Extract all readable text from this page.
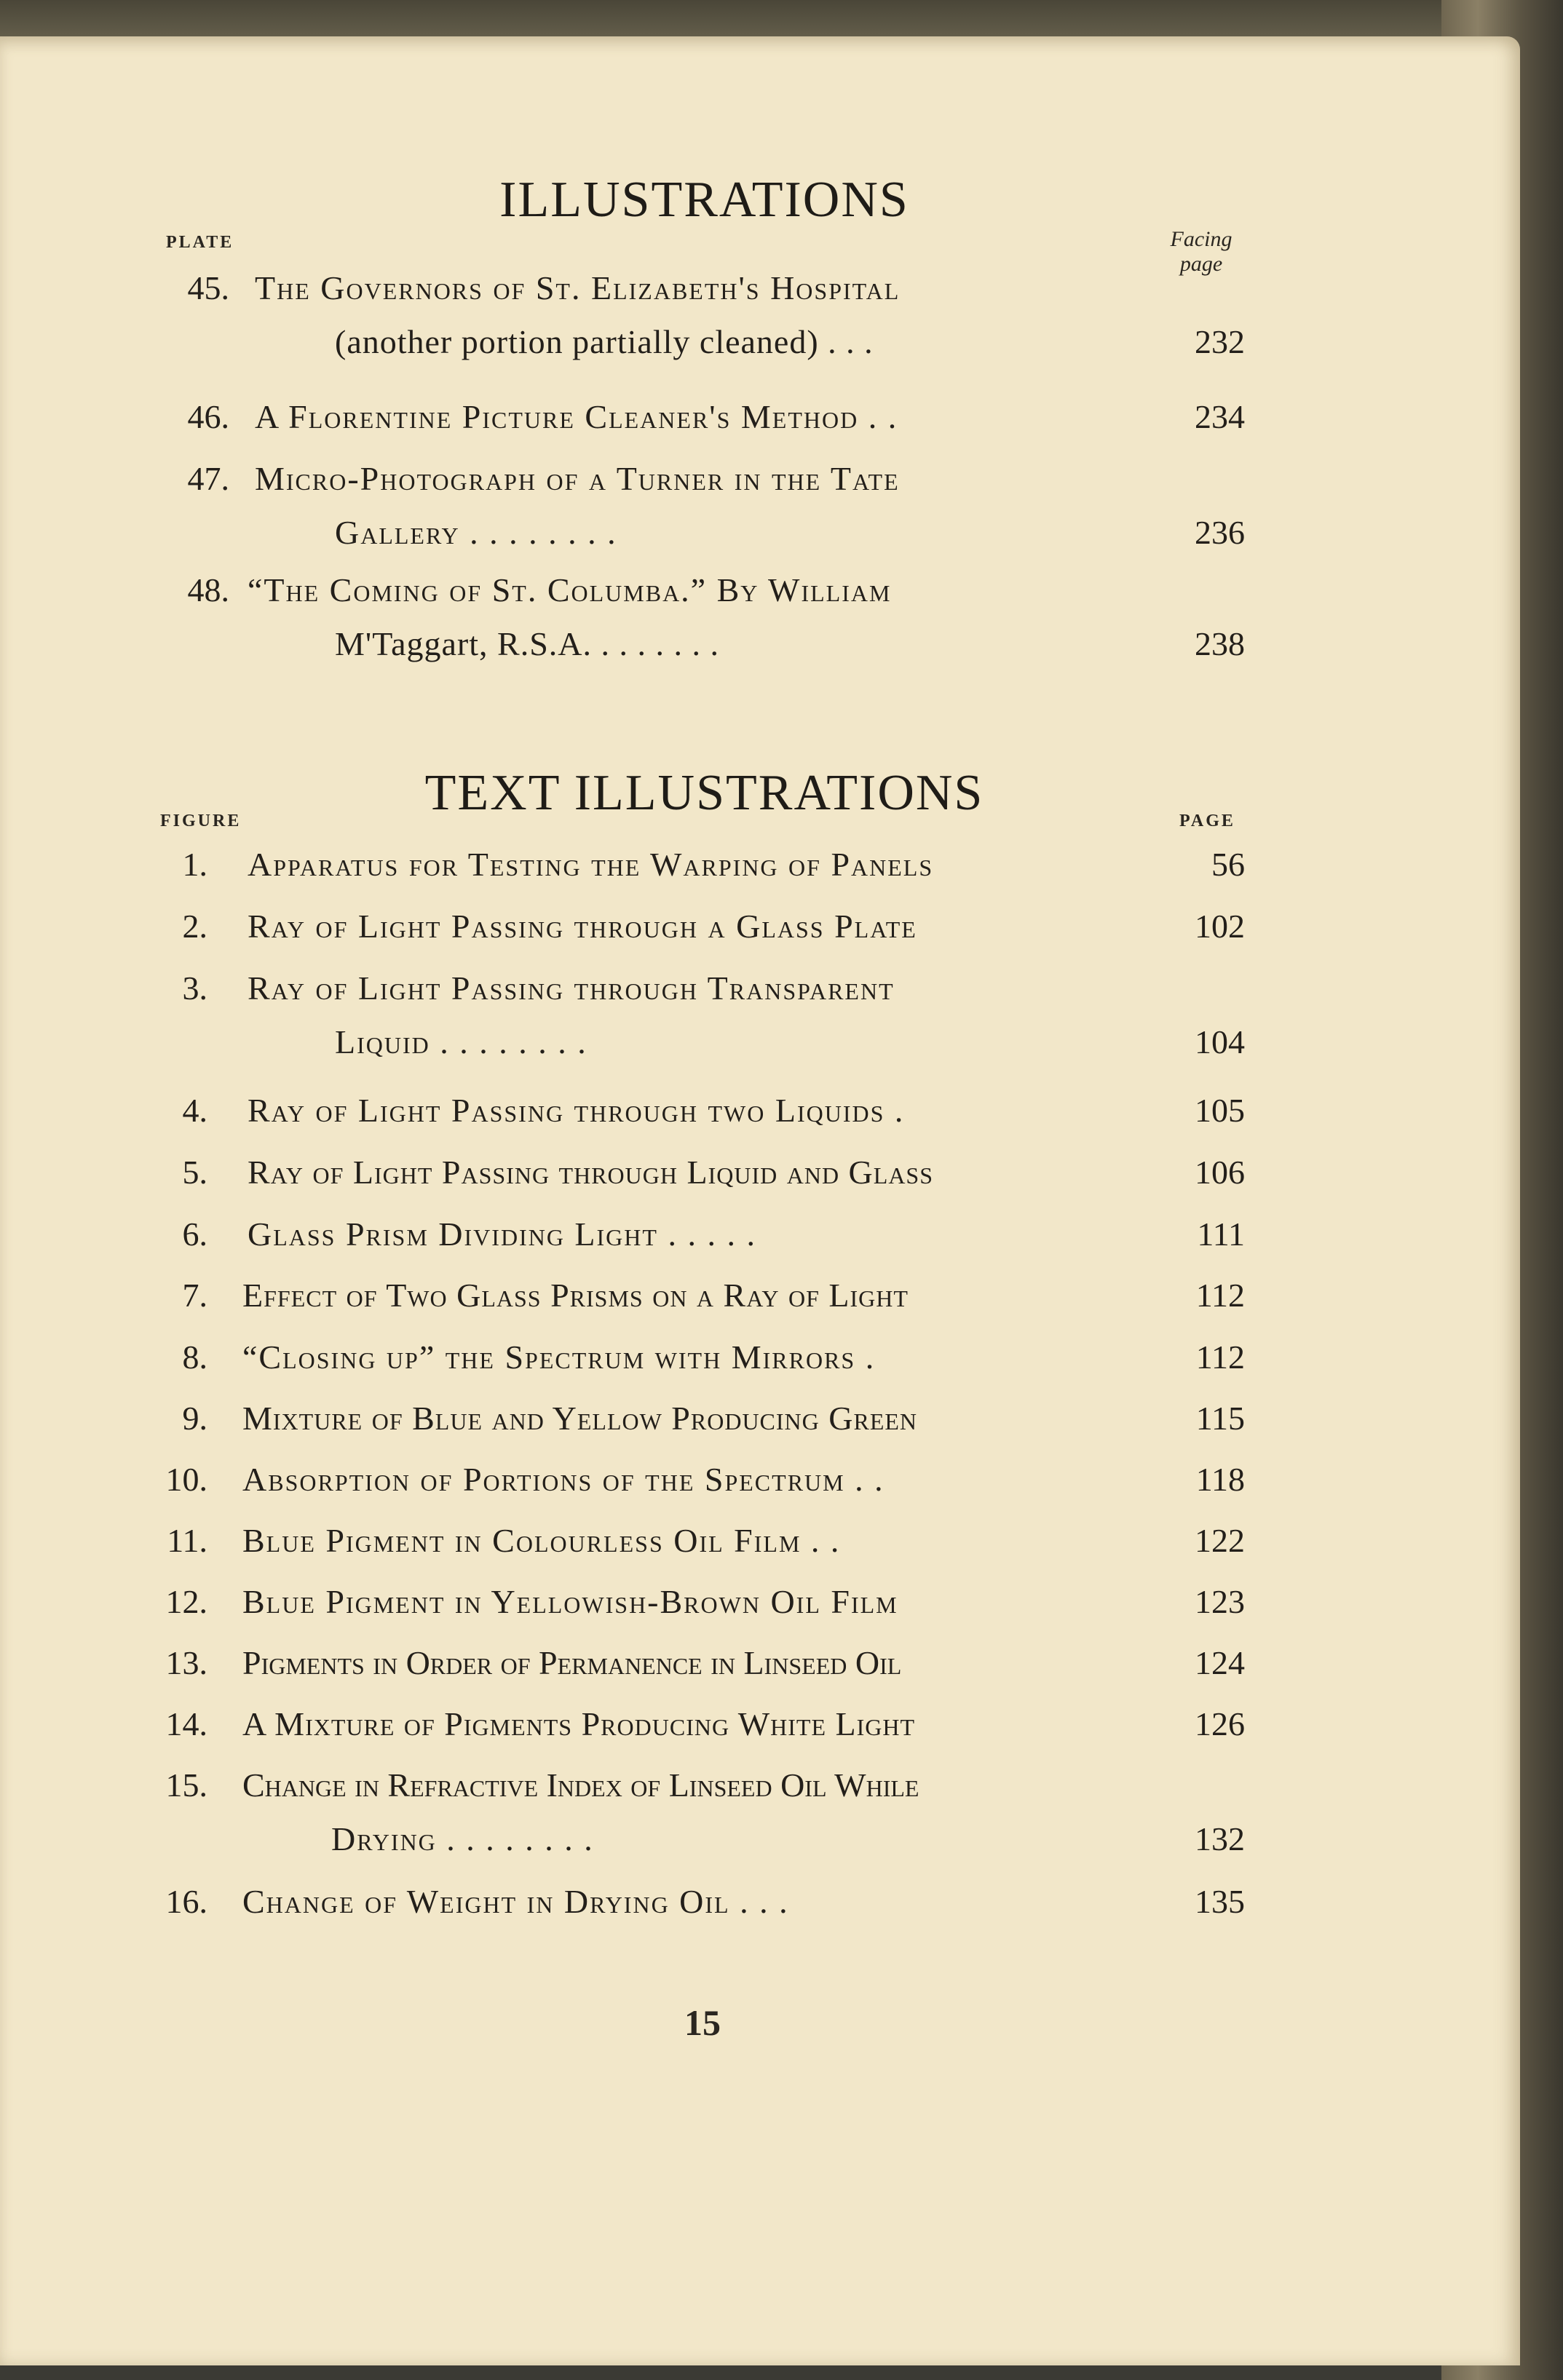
ILLUSTRATIONS
PLATE	Facing
page
45. The Governors of St. Elizabeth's Hospital
(another portion partially cleaned) . . .	232
46. A Florentine Picture Cleaner's Method . .	234
47. Micro-Photograph of a Turner in the Tate
Gallery . . . . . . . .	236
48. “The Coming of St. Columba.” By William
M'Taggart, R.S.A. . . . . . . .	238
TEXT ILLUSTRATIONS
FIGURE	PAGE
1. Apparatus for Testing the Warping of Panels	56
2. Ray of Light Passing through a Glass Plate	102
3. Ray of Light Passing through Transparent
Liquid . . . . . . . .	104
4. Ray of Light Passing through two Liquids .	105
5. Ray of Light Passing through Liquid and Glass	106
6. Glass Prism Dividing Light . . . . .	111
7. Effect of Two Glass Prisms on a Ray of Light	112
8. “Closing up” the Spectrum with Mirrors .	112
9. Mixture of Blue and Yellow Producing Green	115
10. Absorption of Portions of the Spectrum . .	118
11. Blue Pigment in Colourless Oil Film . .	122
12. Blue Pigment in Yellowish-Brown Oil Film	123
13. Pigments in Order of Permanence in Linseed Oil	124
14. A Mixture of Pigments Producing White Light	126
15. Change in Refractive Index of Linseed Oil While
Drying . . . . . . . .	132
16. Change of Weight in Drying Oil . . .	135
15
